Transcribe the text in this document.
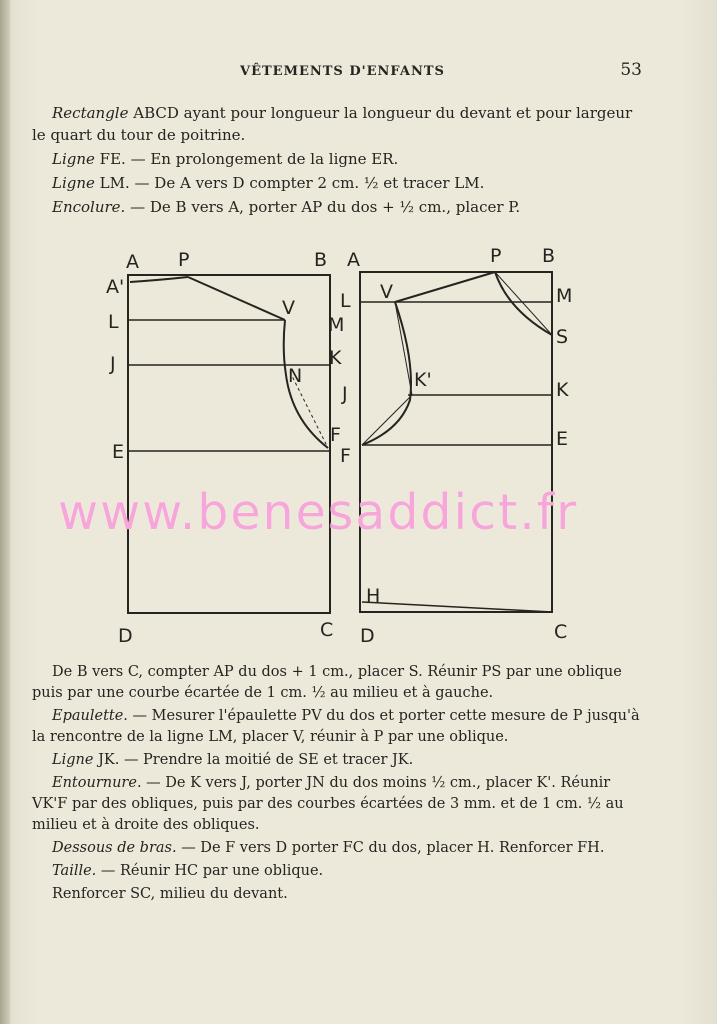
VÊTEMENTS D'ENFANTS	53

Rectangle ABCD ayant pour longueur la longueur du devant et pour largeur le quart du tour de poitrine.

Ligne FE. — En prolongement de la ligne ER.

Ligne LM. — De A vers D compter 2 cm. ½ et tracer LM.

Encolure. — De B vers A, porter AP du dos + ½ cm., placer P.

A P	B
A'
L
J
E
D
V
M
K
N
F
C
A	P B
L V	M
S
K'
J	K
F
E
H
D	C
www.benesaddict.fr

De B vers C, compter AP du dos + 1 cm., placer S. Réunir PS par une oblique puis par une courbe écartée de 1 cm. ½ au milieu et à gauche.

Epaulette. — Mesurer l'épaulette PV du dos et porter cette mesure de P jusqu'à la rencontre de la ligne LM, placer V, réunir à P par une oblique.

Ligne JK. — Prendre la moitié de SE et tracer JK.

Entournure. — De K vers J, porter JN du dos moins ½ cm., placer K'. Réunir VK'F par des obliques, puis par des courbes écartées de 3 mm. et de 1 cm. ½ au milieu et à droite des obliques.

Dessous de bras. — De F vers D porter FC du dos, placer H. Renforcer FH.

Taille. — Réunir HC par une oblique.

Renforcer SC, milieu du devant.
